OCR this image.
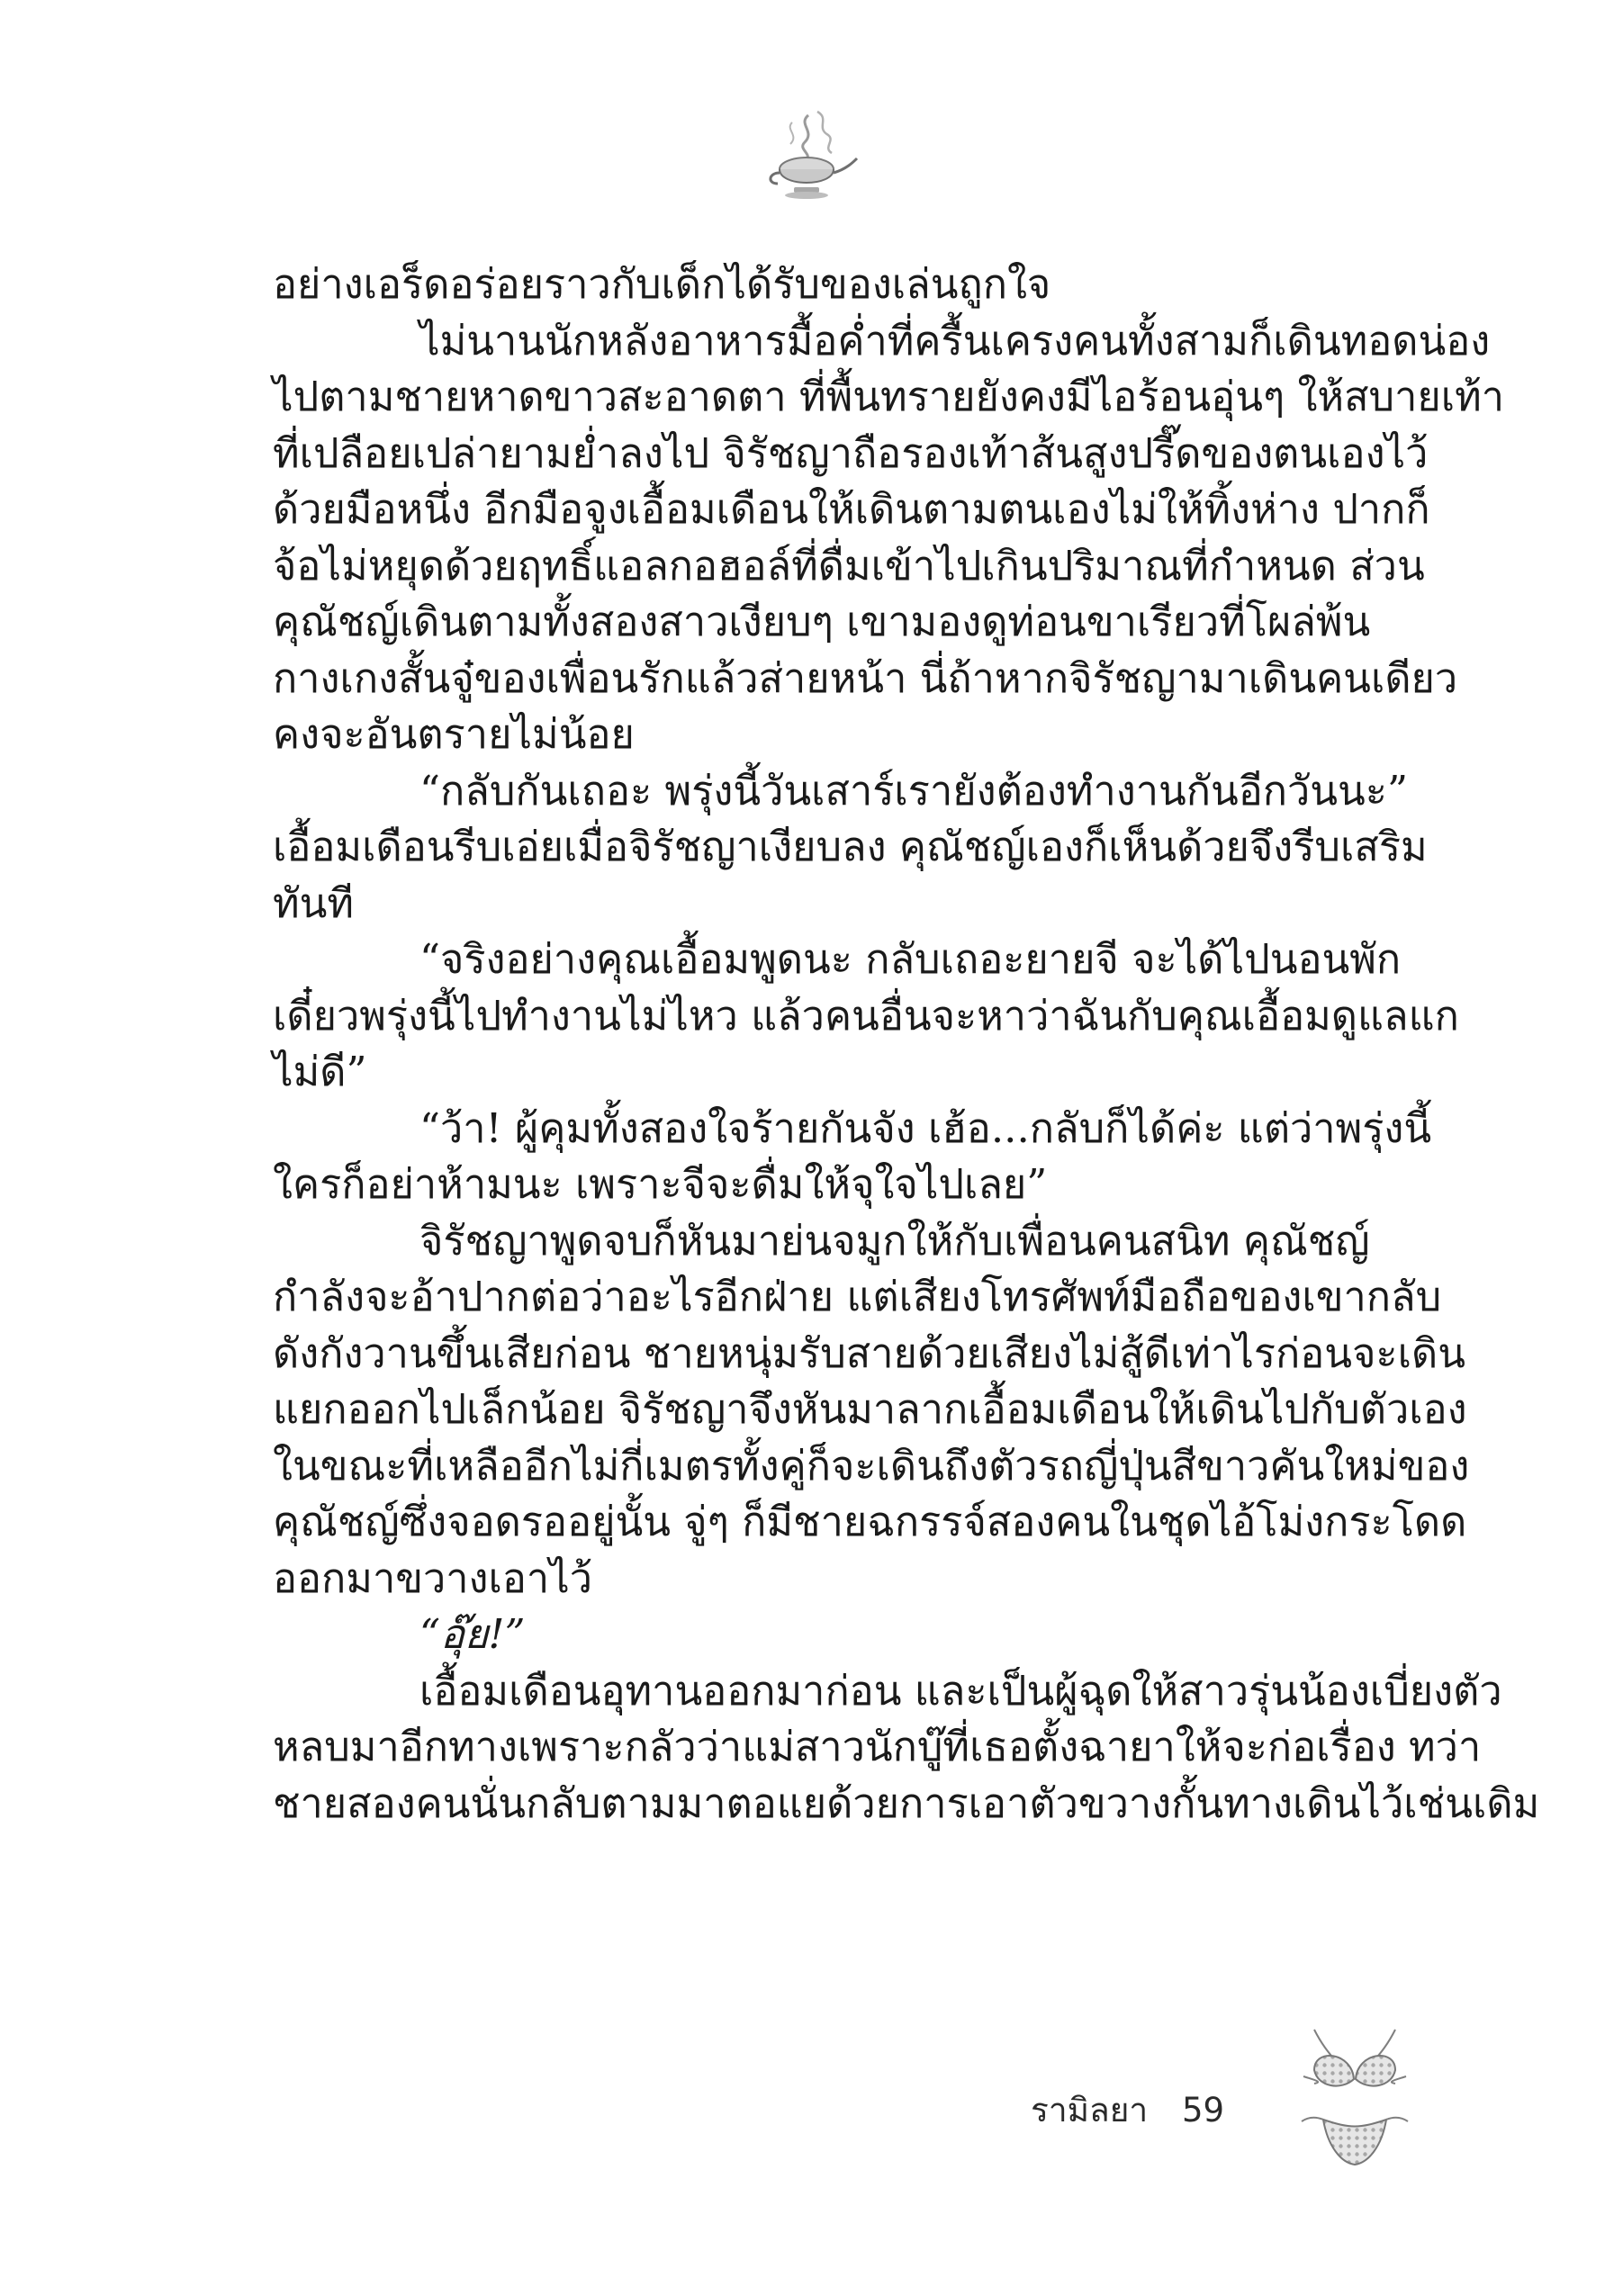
อย่างเอร็ดอร่อยราวกับเด็กได้รับของเล่นถูกใจ
ไม่นานนักหลังอาหารมื้อค่ำที่ครื้นเครงคนทั้งสามก็เดินทอดน่อง
ไปตามชายหาดขาวสะอาดตา ที่พื้นทรายยังคงมีไอร้อนอุ่นๆ ให้สบายเท้า
ที่เปลือยเปล่ายามย่ำลงไป จิรัชญาถือรองเท้าส้นสูงปรี๊ดของตนเองไว้
ด้วยมือหนึ่ง อีกมือจูงเอื้อมเดือนให้เดินตามตนเองไม่ให้ทิ้งห่าง ปากก็
จ้อไม่หยุดด้วยฤทธิ์แอลกอฮอล์ที่ดื่มเข้าไปเกินปริมาณที่กำหนด ส่วน
คุณัชญ์เดินตามทั้งสองสาวเงียบๆ เขามองดูท่อนขาเรียวที่โผล่พ้น
กางเกงสั้นจู๋ของเพื่อนรักแล้วส่ายหน้า นี่ถ้าหากจิรัชญามาเดินคนเดียว
คงจะอันตรายไม่น้อย
“กลับกันเถอะ พรุ่งนี้วันเสาร์เรายังต้องทำงานกันอีกวันนะ”
เอื้อมเดือนรีบเอ่ยเมื่อจิรัชญาเงียบลง คุณัชญ์เองก็เห็นด้วยจึงรีบเสริม
ทันที
“จริงอย่างคุณเอื้อมพูดนะ กลับเถอะยายจี จะได้ไปนอนพัก
เดี๋ยวพรุ่งนี้ไปทำงานไม่ไหว แล้วคนอื่นจะหาว่าฉันกับคุณเอื้อมดูแลแก
ไม่ดี”
“ว้า! ผู้คุมทั้งสองใจร้ายกันจัง เฮ้อ...กลับก็ได้ค่ะ แต่ว่าพรุ่งนี้
ใครก็อย่าห้ามนะ เพราะจีจะดื่มให้จุใจไปเลย”
จิรัชญาพูดจบก็หันมาย่นจมูกให้กับเพื่อนคนสนิท คุณัชญ์
กำลังจะอ้าปากต่อว่าอะไรอีกฝ่าย แต่เสียงโทรศัพท์มือถือของเขากลับ
ดังกังวานขึ้นเสียก่อน ชายหนุ่มรับสายด้วยเสียงไม่สู้ดีเท่าไรก่อนจะเดิน
แยกออกไปเล็กน้อย จิรัชญาจึงหันมาลากเอื้อมเดือนให้เดินไปกับตัวเอง
ในขณะที่เหลืออีกไม่กี่เมตรทั้งคู่ก็จะเดินถึงตัวรถญี่ปุ่นสีขาวคันใหม่ของ
คุณัชญ์ซึ่งจอดรออยู่นั้น จู่ๆ ก็มีชายฉกรรจ์สองคนในชุดไอ้โม่งกระโดด
ออกมาขวางเอาไว้
“อุ๊ย!”
เอื้อมเดือนอุทานออกมาก่อน และเป็นผู้ฉุดให้สาวรุ่นน้องเบี่ยงตัว
หลบมาอีกทางเพราะกลัวว่าแม่สาวนักบู๊ที่เธอตั้งฉายาให้จะก่อเรื่อง ทว่า
ชายสองคนนั่นกลับตามมาตอแยด้วยการเอาตัวขวางกั้นทางเดินไว้เช่นเดิม
รามิลยา 59
